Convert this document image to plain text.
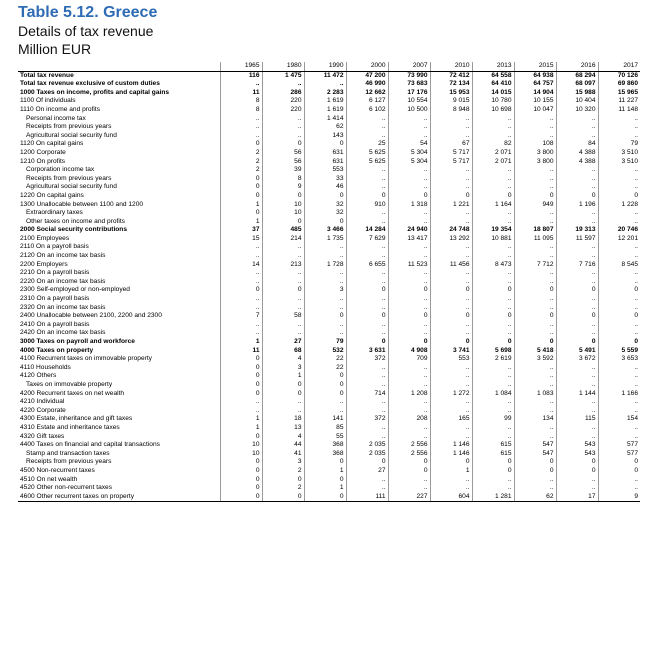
Table 5.12. Greece

Details of tax revenue

Million EUR

	1965	1980	1990	2000	2007	2010	2013	2015	2016	2017
Total tax revenue	116	1 475	11 472	47 200	73 990	72 412	64 558	64 938	68 294	70 126
Total tax revenue exclusive of custom duties	..	..	..	46 990	73 683	72 134	64 410	64 757	68 097	69 860
1000 Taxes on income, profits and capital gains	11	286	2 283	12 662	17 176	15 953	14 015	14 904	15 988	15 965
1100 Of individuals	8	220	1 619	6 127	10 554	9 015	10 780	10 155	10 404	11 227
1110 On income and profits	8	220	1 619	6 102	10 500	8 948	10 698	10 047	10 320	11 148
Personal income tax	..	..	1 414	..	..	..	..	..	..	..
Receipts from previous years	..	..	62	..	..	..	..	..	..	..
Agricultural social security fund	..	..	143	..	..	..	..	..	..	..
1120 On capital gains	0	0	0	25	54	67	82	108	84	79
1200 Corporate	2	56	631	5 625	5 304	5 717	2 071	3 800	4 388	3 510
1210 On profits	2	56	631	5 625	5 304	5 717	2 071	3 800	4 388	3 510
Corporation income tax	2	39	553	..	..	..	..	..	..	..
Receipts from previous years	0	8	33	..	..	..	..	..	..	..
Agricultural social security fund	0	9	46	..	..	..	..	..	..	..
1220 On capital gains	0	0	0	0	0	0	0	0	0	0
1300 Unallocable between 1100 and 1200	1	10	32	910	1 318	1 221	1 164	949	1 196	1 228
Extraordinary taxes	0	10	32	..	..	..	..	..	..	..
Other taxes on income and profits	1	0	0	..	..	..	..	..	..	..
2000 Social security contributions	37	485	3 466	14 284	24 940	24 748	19 354	18 807	19 313	20 746
2100 Employees	15	214	1 735	7 629	13 417	13 292	10 881	11 095	11 597	12 201
2110 On a payroll basis	..	..	..	..	..	..	..	..	..	..
2120 On an income tax basis	..	..	..	..	..	..	..	..	..	..
2200 Employers	14	213	1 728	6 655	11 523	11 456	8 473	7 712	7 716	8 545
2210 On a payroll basis	..	..	..	..	..	..	..	..	..	..
2220 On an income tax basis	..	..	..	..	..	..	..	..	..	..
2300 Self-employed or non-employed	0	0	3	0	0	0	0	0	0	0
2310 On a payroll basis	..	..	..	..	..	..	..	..	..	..
2320 On an income tax basis	..	..	..	..	..	..	..	..	..	..
2400 Unallocable between 2100, 2200 and 2300	7	58	0	0	0	0	0	0	0	0
2410 On a payroll basis	..	..	..	..	..	..	..	..	..	..
2420 On an income tax basis	..	..	..	..	..	..	..	..	..	..
3000 Taxes on payroll and workforce	1	27	79	0	0	0	0	0	0	0
4000 Taxes on property	11	68	532	3 631	4 908	3 741	5 698	5 418	5 491	5 559
4100 Recurrent taxes on immovable property	0	4	22	372	709	553	2 619	3 592	3 672	3 653
4110 Households	0	3	22	..	..	..	..	..	..	..
4120 Others	0	1	0	..	..	..	..	..	..	..
Taxes on immovable property	0	0	0	..	..	..	..	..	..	..
4200 Recurrent taxes on net wealth	0	0	0	714	1 208	1 272	1 084	1 083	1 144	1 166
4210 Individual	..	..	..	..	..	..	..	..	..	..
4220 Corporate	..	..	..	..	..	..	..	..	..	..
4300 Estate, inheritance and gift taxes	1	18	141	372	208	165	99	134	115	154
4310 Estate and inheritance taxes	1	13	85	..	..	..	..	..	..	..
4320 Gift taxes	0	4	55	..	..	..	..	..	..	..
4400 Taxes on financial and capital transactions	10	44	368	2 035	2 556	1 146	615	547	543	577
Stamp and transaction taxes	10	41	368	2 035	2 556	1 146	615	547	543	577
Receipts from previous years	0	3	0	0	0	0	0	0	0	0
4500 Non-recurrent taxes	0	2	1	27	0	1	0	0	0	0
4510 On net wealth	0	0	0	..	..	..	..	..	..	..
4520 Other non-recurrent taxes	0	2	1	..	..	..	..	..	..	..
4600 Other recurrent taxes on property	0	0	0	111	227	604	1 281	62	17	9
